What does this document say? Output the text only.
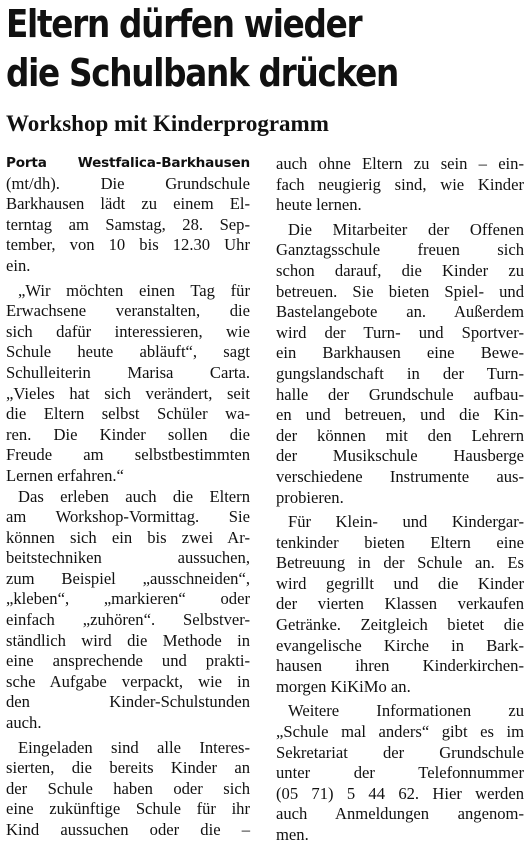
Eltern dürfen wieder
die Schulbank drücken
Workshop mit Kinderprogramm
Porta Westfalica-Barkhausen
(mt/dh). Die Grundschule
Barkhausen lädt zu einem El-
terntag am Samstag, 28. Sep-
tember, von 10 bis 12.30 Uhr
ein.
„Wir möchten einen Tag für
Erwachsene veranstalten, die
sich dafür interessieren, wie
Schule heute abläuft“, sagt
Schulleiterin Marisa Carta.
„Vieles hat sich verändert, seit
die Eltern selbst Schüler wa-
ren. Die Kinder sollen die
Freude am selbstbestimmten
Lernen erfahren.“
Das erleben auch die Eltern
am Workshop-Vormittag. Sie
können sich ein bis zwei Ar-
beitstechniken aussuchen,
zum Beispiel „ausschneiden“,
„kleben“, „markieren“ oder
einfach „zuhören“. Selbstver-
ständlich wird die Methode in
eine ansprechende und prakti-
sche Aufgabe verpackt, wie in
den Kinder-Schulstunden
auch.
Eingeladen sind alle Interes-
sierten, die bereits Kinder an
der Schule haben oder sich
eine zukünftige Schule für ihr
Kind aussuchen oder die –
auch ohne Eltern zu sein – ein-
fach neugierig sind, wie Kinder
heute lernen.
Die Mitarbeiter der Offenen
Ganztagsschule freuen sich
schon darauf, die Kinder zu
betreuen. Sie bieten Spiel- und
Bastelangebote an. Außerdem
wird der Turn- und Sportver-
ein Barkhausen eine Bewe-
gungslandschaft in der Turn-
halle der Grundschule aufbau-
en und betreuen, und die Kin-
der können mit den Lehrern
der Musikschule Hausberge
verschiedene Instrumente aus-
probieren.
Für Klein- und Kindergar-
tenkinder bieten Eltern eine
Betreuung in der Schule an. Es
wird gegrillt und die Kinder
der vierten Klassen verkaufen
Getränke. Zeitgleich bietet die
evangelische Kirche in Bark-
hausen ihren Kinderkirchen-
morgen KiKiMo an.
Weitere Informationen zu
„Schule mal anders“ gibt es im
Sekretariat der Grundschule
unter der Telefonnummer
(05 71) 5 44 62. Hier werden
auch Anmeldungen angenom-
men.
